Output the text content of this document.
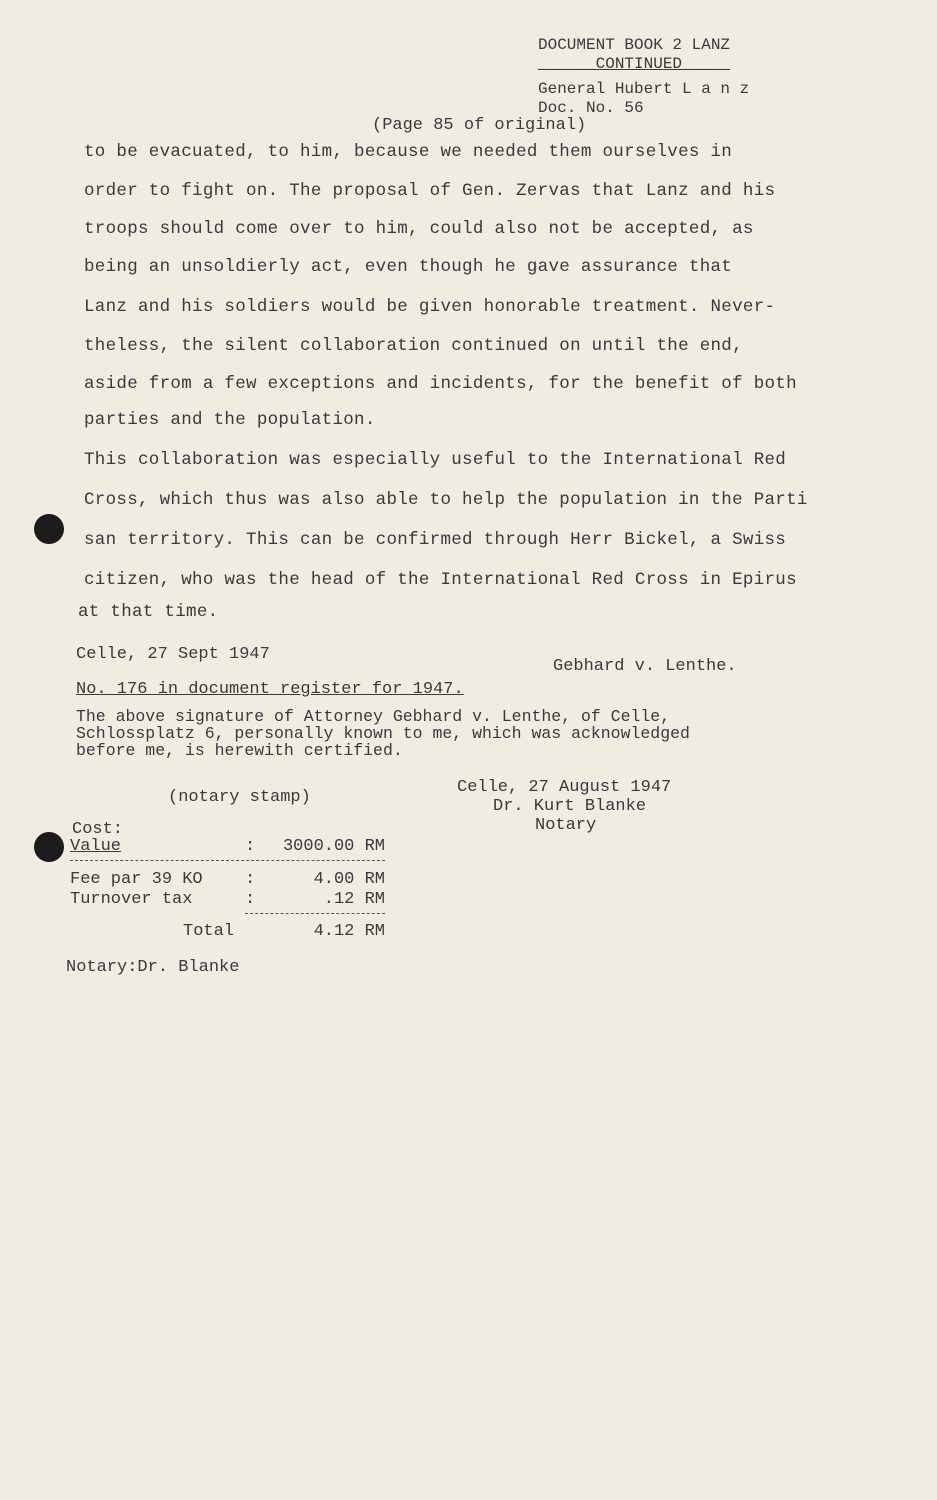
DOCUMENT BOOK 2 LANZ
______CONTINUED_____
General Hubert L a n z
Doc. No. 56
(Page 85 of original)
to be evacuated, to him, because we needed them ourselves in
order to fight on. The proposal of Gen. Zervas that Lanz and his
troops should come over to him, could also not be accepted, as
being an unsoldierly act, even though he gave assurance that
Lanz and his soldiers would be given honorable treatment. Never-
theless, the silent collaboration continued on until the end,
aside from a few exceptions and incidents, for the benefit of both
parties and the population.
This collaboration was especially useful to the International Red
Cross, which thus was also able to help the population in the Parti
san territory. This can be confirmed through Herr Bickel, a Swiss
citizen, who was the head of the International Red Cross in Epirus
at that time.
Celle, 27 Sept 1947
Gebhard v. Lenthe.
No. 176 in document register for 1947.
The above signature of Attorney Gebhard v. Lenthe, of Celle,
Schlossplatz 6, personally known to me, which was acknowledged
before me, is herewith certified.
(notary stamp)
Celle, 27 August 1947
Dr. Kurt Blanke
Notary
Cost:
Value	: 3000.00 RM
Fee par 39 KO :	4.00 RM
Turnover tax	:	.12 RM
Total	4.12 RM
Notary:Dr. Blanke
